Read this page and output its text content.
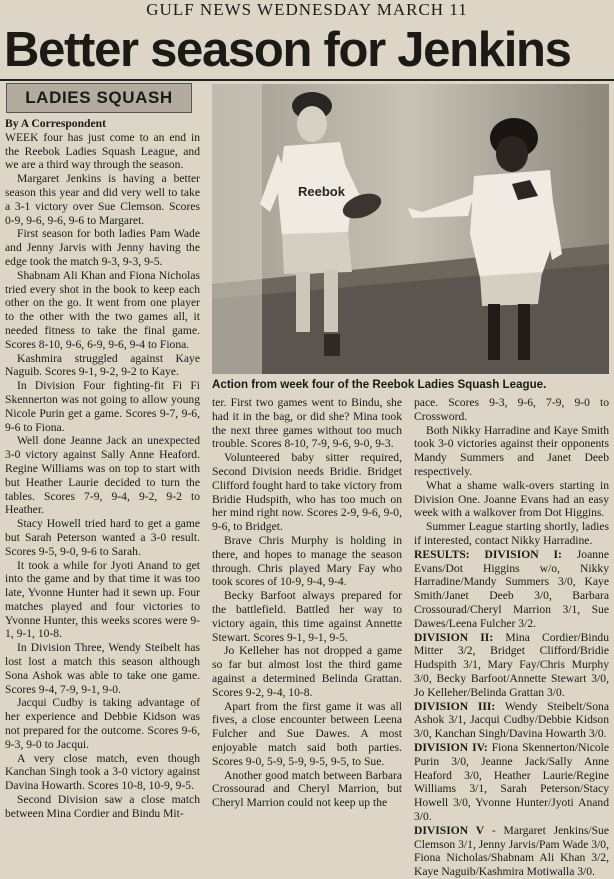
GULF NEWS WEDNESDAY MARCH 11
Better season for Jenkins
LADIES SQUASH

By A Correspondent

WEEK four has just come to an end in the Reebok Ladies Squash League, and we are a third way through the season.

Margaret Jenkins is having a better season this year and did very well to take a 3-1 victory over Sue Clemson. Scores 0-9, 9-6, 9-6, 9-6 to Margaret.

First season for both ladies Pam Wade and Jenny Jarvis with Jenny having the edge took the match 9-3, 9-3, 9-5.

Shabnam Ali Khan and Fiona Nicholas tried every shot in the book to keep each other on the go. It went from one player to the other with the two games all, it needed fitness to take the final game. Scores 8-10, 9-6, 6-9, 9-6, 9-4 to Fiona.

Kashmira struggled against Kaye Naguib. Scores 9-1, 9-2, 9-2 to Kaye.

In Division Four fighting-fit Fi Fi Skennerton was not going to allow young Nicole Purin get a game. Scores 9-7, 9-6, 9-6 to Fiona.

Well done Jeanne Jack an unexpected 3-0 victory against Sally Anne Heaford. Regine Williams was on top to start with but Heather Laurie decided to turn the tables. Scores 7-9, 9-4, 9-2, 9-2 to Heather.

Stacy Howell tried hard to get a game but Sarah Peterson wanted a 3-0 result. Scores 9-5, 9-0, 9-6 to Sarah.

It took a while for Jyoti Anand to get into the game and by that time it was too late, Yvonne Hunter had it sewn up. Four matches played and four victories to Yvonne Hunter, this weeks scores were 9-1, 9-1, 10-8.

In Division Three, Wendy Steibelt has lost lost a match this season although Sona Ashok was able to take one game. Scores 9-4, 7-9, 9-1, 9-0.

Jacqui Cudby is taking advantage of her experience and Debbie Kidson was not prepared for the outcome. Scores 9-6, 9-3, 9-0 to Jacqui.

A very close match, even though Kanchan Singh took a 3-0 victory against Davina Howarth. Scores 10-8, 10-9, 9-5.

Second Division saw a close match between Mina Cordier and Bindu Mit-

Reebok
Action from week four of the Reebok Ladies Squash League.

ter. First two games went to Bindu, she had it in the bag, or did she? Mina took the next three games without too much trouble. Scores 8-10, 7-9, 9-6, 9-0, 9-3.

Volunteered baby sitter required, Second Division needs Bridie. Bridget Clifford fought hard to take victory from Bridie Hudspith, who has too much on her mind right now. Scores 2-9, 9-6, 9-0, 9-6, to Bridget.

Brave Chris Murphy is holding in there, and hopes to manage the season through. Chris played Mary Fay who took scores of 10-9, 9-4, 9-4.

Becky Barfoot always prepared for the battlefield. Battled her way to victory again, this time against Annette Stewart. Scores 9-1, 9-1, 9-5.

Jo Kelleher has not dropped a game so far but almost lost the third game against a determined Belinda Grattan. Scores 9-2, 9-4, 10-8.

Apart from the first game it was all fives, a close encounter between Leena Fulcher and Sue Dawes. A most enjoyable match said both parties. Scores 9-0, 5-9, 5-9, 9-5, 9-5, to Sue.

Another good match between Barbara Crossourad and Cheryl Marrion, but Cheryl Marrion could not keep up the

pace. Scores 9-3, 9-6, 7-9, 9-0 to Crossword.

Both Nikky Harradine and Kaye Smith took 3-0 victories against their opponents Mandy Summers and Janet Deeb respectively.

What a shame walk-overs starting in Division One. Joanne Evans had an easy week with a walkover from Dot Higgins.

Summer League starting shortly, ladies if interested, contact Nikky Harradine.

RESULTS: DIVISION I: Joanne Evans/Dot Higgins w/o, Nikky Harradine/Mandy Summers 3/0, Kaye Smith/Janet Deeb 3/0, Barbara Crossourad/Cheryl Marrion 3/1, Sue Dawes/Leena Fulcher 3/2.

DIVISION II: Mina Cordier/Bindu Mitter 3/2, Bridget Clifford/Bridie Hudspith 3/1, Mary Fay/Chris Murphy 3/0, Becky Barfoot/Annette Stewart 3/0, Jo Kelleher/Belinda Grattan 3/0.

DIVISION III: Wendy Steibelt/Sona Ashok 3/1, Jacqui Cudby/Debbie Kidson 3/0, Kanchan Singh/Davina Howarth 3/0.

DIVISION IV: Fiona Skennerton/Nicole Purin 3/0, Jeanne Jack/Sally Anne Heaford 3/0, Heather Laurie/Regine Williams 3/1, Sarah Peterson/Stacy Howell 3/0, Yvonne Hunter/Jyoti Anand 3/0.

DIVISION V - Margaret Jenkins/Sue Clemson 3/1, Jenny Jarvis/Pam Wade 3/0, Fiona Nicholas/Shabnam Ali Khan 3/2, Kaye Naguib/Kashmira Motiwalla 3/0.
